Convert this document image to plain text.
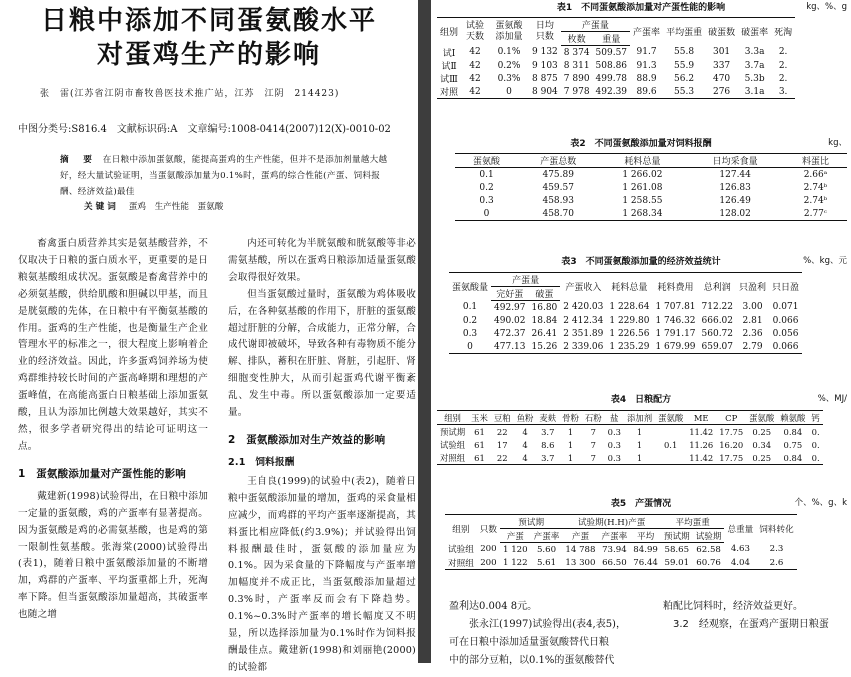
日粮中添加不同蛋氨酸水平
对蛋鸡生产的影响
张　雷(江苏省江阴市畜牧兽医技术推广站，江苏　江阴　214423)
中图分类号:S816.4　文献标识码:A　文章编号:1008-0414(2007)12(X)-0010-02
摘　要 在日粮中添加蛋氨酸，能提高蛋鸡的生产性能，但并不是添加剂量越大越好，经大量试验证明，当蛋氨酸添加量为0.1%时，蛋鸡的综合性能(产蛋、饲料报酬、经济效益)最佳
关键词 蛋鸡　生产性能　蛋氨酸

畜禽蛋白质营养其实是氨基酸营养，不仅取决于日粮的蛋白质水平，更重要的是日粮氨基酸组成状况。蛋氨酸是畜禽营养中的必须氨基酸，供给肌酸和胆碱以甲基，而且是胱氨酸的先体，在日粮中有平衡氨基酸的作用。蛋鸡的生产性能，也是衡量生产企业管理水平的标准之一，很大程度上影响着企业的经济效益。因此，许多蛋鸡饲养场为使鸡群维持较长时间的产蛋高峰期和理想的产蛋峰值，在高能高蛋白日粮基础上添加蛋氨酸，且认为添加比例越大效果越好，其实不然，很多学者研究得出的结论可证明这一点。

1　蛋氨酸添加量对产蛋性能的影响

戴建新(1998)试验得出，在日粮中添加一定量的蛋氨酸，鸡的产蛋率有显著提高。因为蛋氨酸是鸡的必需氨基酸，也是鸡的第一限制性氨基酸。张海棠(2000)试验得出(表1)，随着日粮中蛋氨酸添加量的不断增加，鸡群的产蛋率、平均蛋重都上升，死淘率下降。但当蛋氨酸添加量超高，其破蛋率也随之增

内还可转化为半胱氨酸和胱氨酸等非必需氨基酸，所以在蛋鸡日粮添加适量蛋氨酸会取得很好效果。

但当蛋氨酸过量时，蛋氨酸为鸡体吸收后，在各种氨基酸的作用下，肝脏的蛋氨酸超过肝脏的分解，合成能力，正常分解，合成代谢即被破坏，导致各种有毒物质不能分解、排队，蓄积在肝脏、肾脏，引起肝、肾细胞变性肿大，从而引起蛋鸡代谢平衡紊乱、发生中毒。所以蛋氨酸添加一定要适量。

2　蛋氨酸添加对生产效益的影响
2.1　饲料报酬

王自良(1999)的试验中(表2)，随着日粮中蛋氨酸添加量的增加，蛋鸡的采食量相应减少，而鸡群的平均产蛋率逐渐提高，其料蛋比相应降低(约3.9%)；并试验得出饲料报酬最佳时，蛋氨酸的添加量应为0.1%。因为采食量的下降幅度与产蛋率增加幅度并不成正比，当蛋氨酸添加量超过0.3%时，产蛋率反而会有下降趋势。0.1%~0.3%时产蛋率的增长幅度又不明显，所以选择添加量为0.1%时作为饲料报酬最佳点。戴建新(1998)和刘丽艳(2000)的试验都

表1　不同蛋氨酸添加量对产蛋性能的影响	kg、%、g
组别	试验天数	蛋氨酸添加量	日均只数	产蛋量		产蛋率	平均蛋重	破蛋数	破蛋率	死淘
				枚数	重量					
试Ⅰ	42	0.1%	9 132	8 374	509.57	91.7	55.8	301	3.3a	2.
试Ⅱ	42	0.2%	9 103	8 311	508.86	91.3	55.9	337	3.7a	2.
试Ⅲ	42	0.3%	8 875	7 890	499.78	88.9	56.2	470	5.3b	2.
对照	42	0	8 904	7 978	492.39	89.6	55.3	276	3.1a	3.
表2　不同蛋氨酸添加量对饲料报酬	kg、
蛋氨酸	产蛋总数	耗料总量	日均采食量	料蛋比
0.1	475.89	1 266.02	127.44	2.66ᵃ
0.2	459.57	1 261.08	126.83	2.74ᵇ
0.3	458.93	1 258.55	126.49	2.74ᵇ
0	458.70	1 268.34	128.02	2.77ᶜ
表3　不同蛋氨酸添加量的经济效益统计	%、kg、元
蛋氨酸量	产蛋量		产蛋收入	耗料总量	耗料费用	总利润	只盈利	只日盈
	完好蛋	破蛋						
0.1	492.97	16.80	2 420.03	1 228.64	1 707.81	712.22	3.00	0.071
0.2	490.02	18.84	2 412.34	1 229.80	1 746.32	666.02	2.81	0.066
0.3	472.37	26.41	2 351.89	1 226.56	1 791.17	560.72	2.36	0.056
0	477.13	15.26	2 339.06	1 235.29	1 679.99	659.07	2.79	0.066
表4　日粮配方	%、MJ/
组别	玉米	豆粕	鱼粉	麦麸	骨粉	石粉	盐	添加剂	蛋氨酸	ME	CP	蛋氨酸	赖氨酸	钙
预试期	61	22	4	3.7	1	7	0.3	1		11.42	17.75	0.25	0.84	0.
试验组	61	17	4	8.6	1	7	0.3	1	0.1	11.26	16.20	0.34	0.75	0.
对照组	61	22	4	3.7	1	7	0.3	1		11.42	17.75	0.25	0.84	0.
表5　产蛋情况	个、%、g、k
组别	只数	预试期		试验期(H.H)产蛋			平均蛋重		总重量	饲料转化
		产蛋	产蛋率	产蛋	产蛋率	平均	预试期	试验期		
试验组	200	1 120	5.60	14 788	73.94	84.99	58.65	62.58	4.63	2.3
对照组	200	1 122	5.61	13 300	66.50	76.44	59.01	60.76	4.04	2.6
盈利达0.004 8元。
张永江(1997)试验得出(表4,表5)，
可在日粮中添加适量蛋氨酸替代日粮
中的部分豆粕，以0.1%的蛋氨酸替代
粕配比饲料时，经济效益更好。
3.2　经观察，在蛋鸡产蛋期日粮蛋
